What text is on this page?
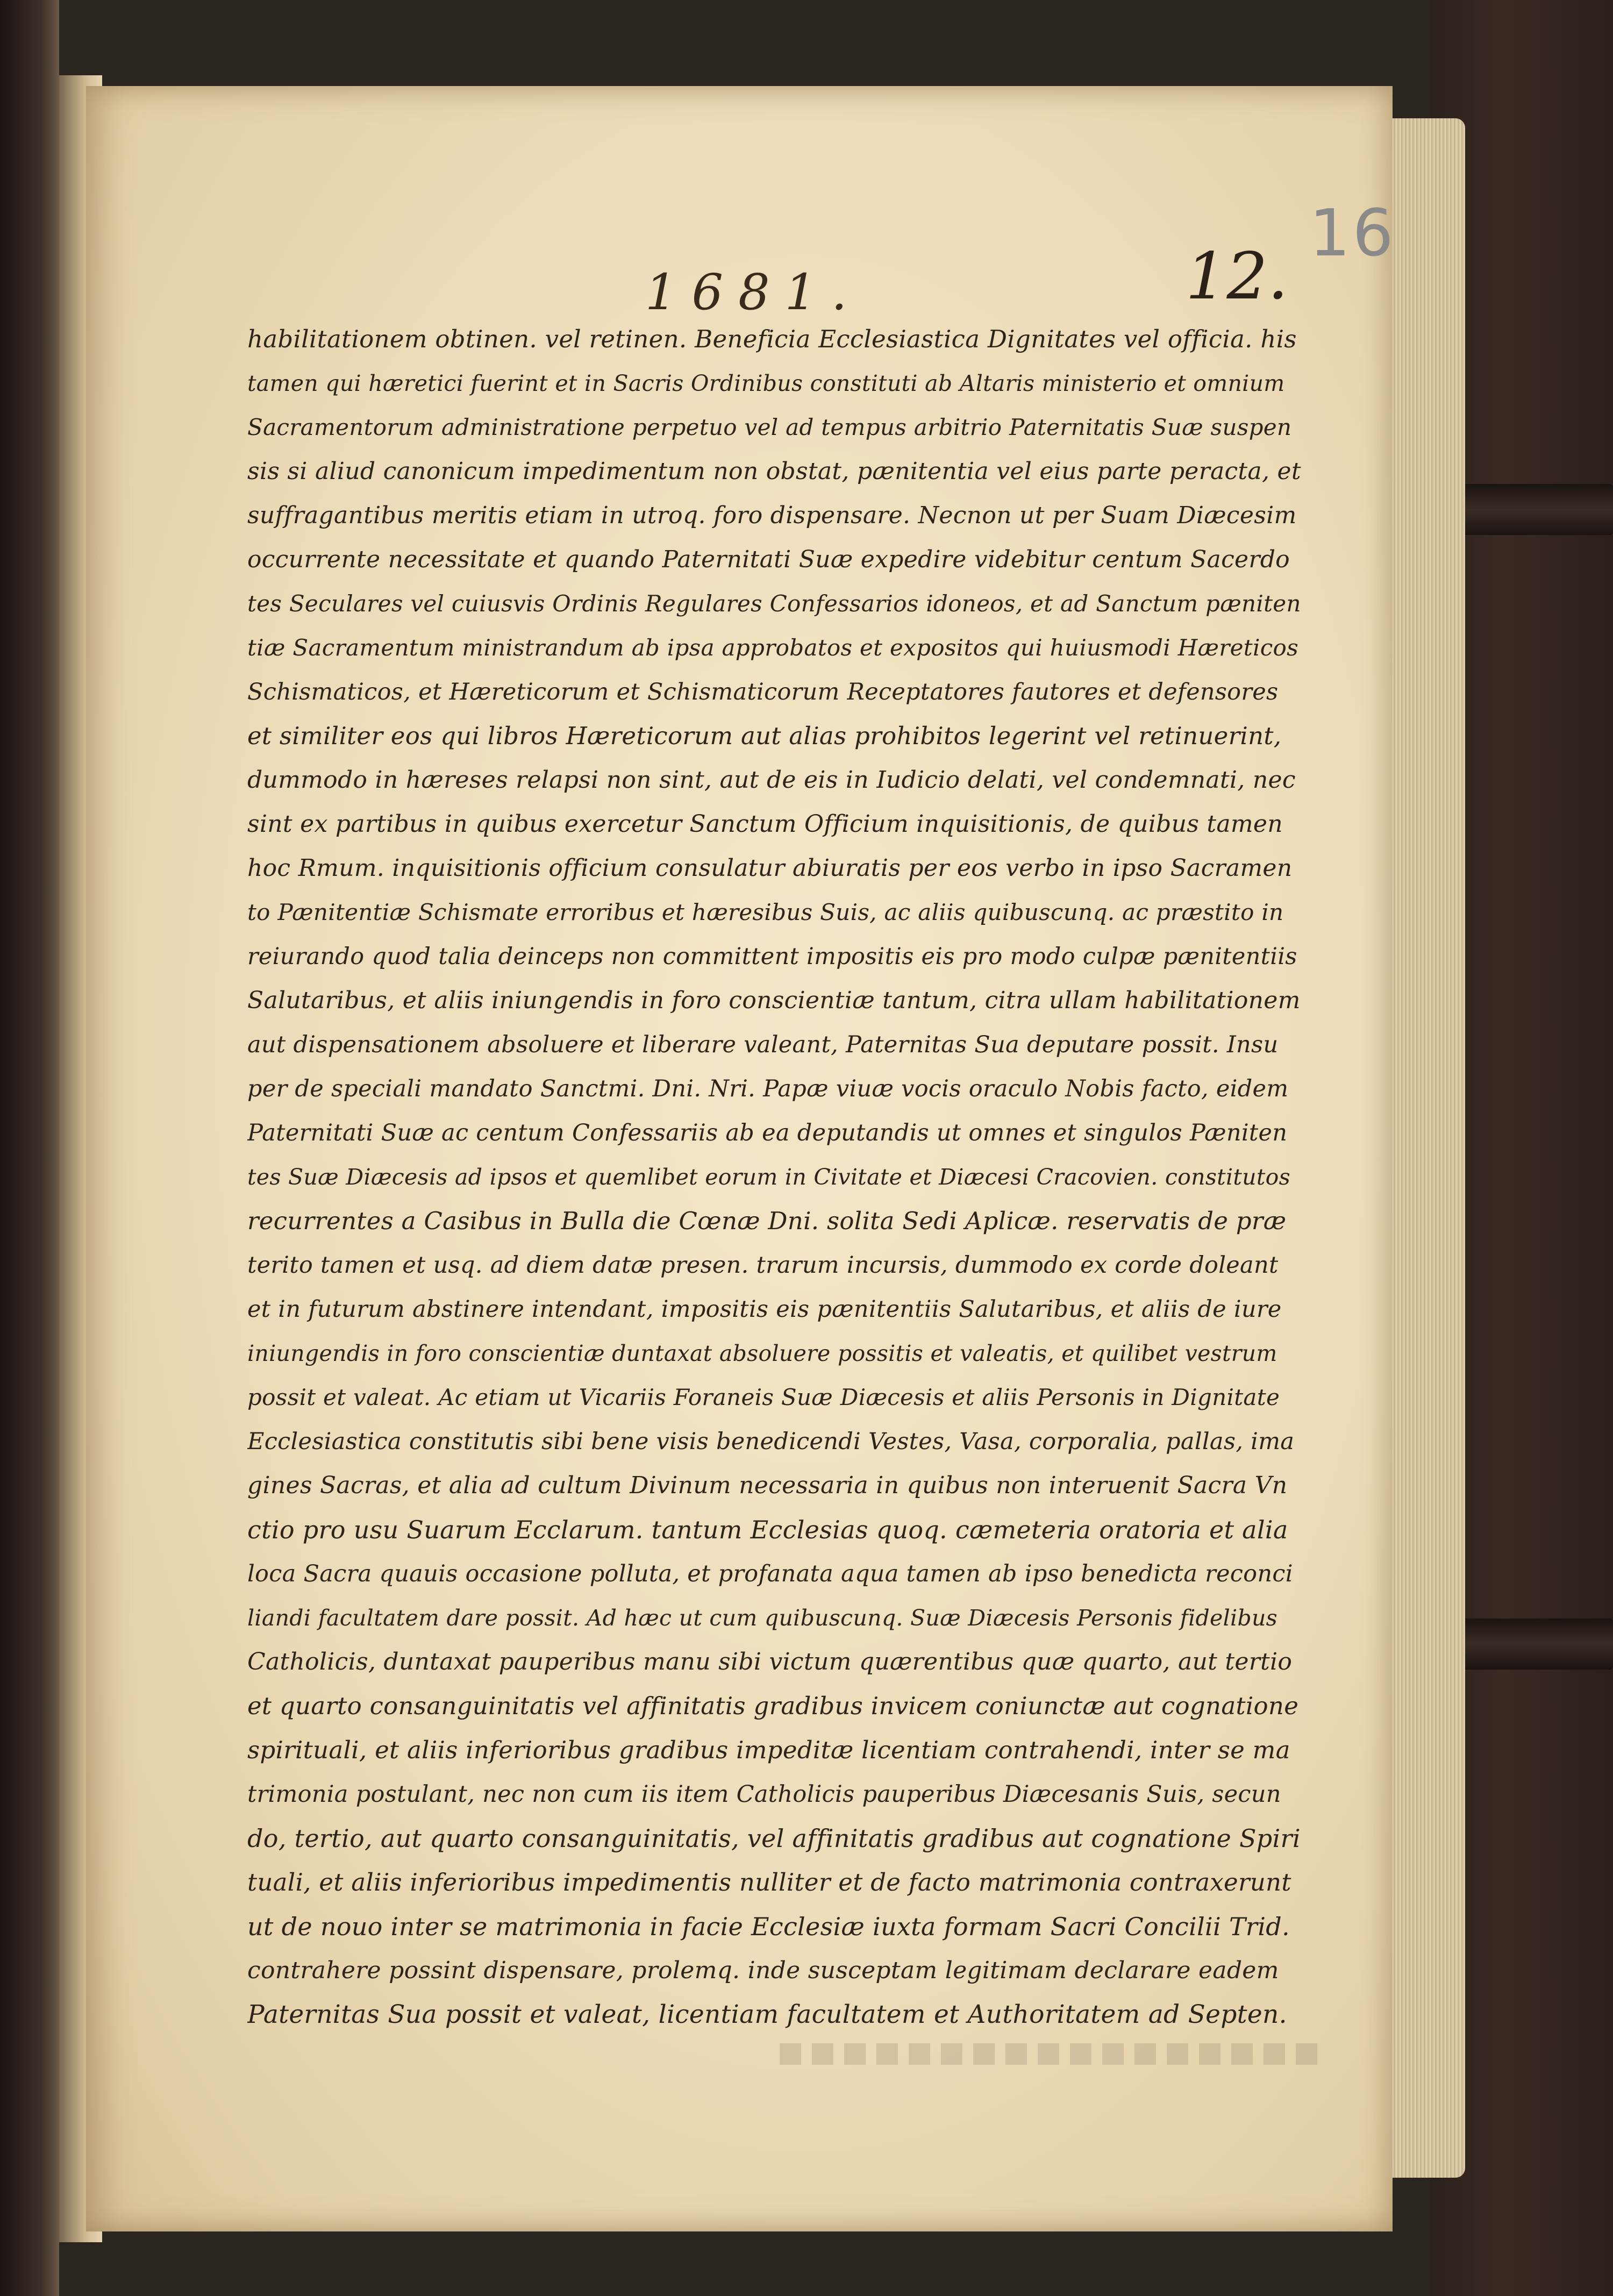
16
1681.	12.
habilitationem obtinen. vel retinen. Beneficia Ecclesiastica Dignitates vel officia. his
tamen qui hæretici fuerint et in Sacris Ordinibus constituti ab Altaris ministerio et omnium
Sacramentorum administratione perpetuo vel ad tempus arbitrio Paternitatis Suæ suspen
sis si aliud canonicum impedimentum non obstat, pænitentia vel eius parte peracta, et
suffragantibus meritis etiam in utroq. foro dispensare. Necnon ut per Suam Diæcesim
occurrente necessitate et quando Paternitati Suæ expedire videbitur centum Sacerdo
tes Seculares vel cuiusvis Ordinis Regulares Confessarios idoneos, et ad Sanctum pæniten
tiæ Sacramentum ministrandum ab ipsa approbatos et expositos qui huiusmodi Hæreticos
Schismaticos, et Hæreticorum et Schismaticorum Receptatores fautores et defensores
et similiter eos qui libros Hæreticorum aut alias prohibitos legerint vel retinuerint,
dummodo in hæreses relapsi non sint, aut de eis in Iudicio delati, vel condemnati, nec
sint ex partibus in quibus exercetur Sanctum Officium inquisitionis, de quibus tamen
hoc Rmum. inquisitionis officium consulatur abiuratis per eos verbo in ipso Sacramen
to Pænitentiæ Schismate erroribus et hæresibus Suis, ac aliis quibuscunq. ac præstito in
reiurando quod talia deinceps non committent impositis eis pro modo culpæ pænitentiis
Salutaribus, et aliis iniungendis in foro conscientiæ tantum, citra ullam habilitationem
aut dispensationem absoluere et liberare valeant, Paternitas Sua deputare possit. Insu
per de speciali mandato Sanctmi. Dni. Nri. Papæ viuæ vocis oraculo Nobis facto, eidem
Paternitati Suæ ac centum Confessariis ab ea deputandis ut omnes et singulos Pæniten
tes Suæ Diæcesis ad ipsos et quemlibet eorum in Civitate et Diæcesi Cracovien. constitutos
recurrentes a Casibus in Bulla die Cœnæ Dni. solita Sedi Aplicæ. reservatis de præ
terito tamen et usq. ad diem datæ presen. trarum incursis, dummodo ex corde doleant
et in futurum abstinere intendant, impositis eis pænitentiis Salutaribus, et aliis de iure
iniungendis in foro conscientiæ duntaxat absoluere possitis et valeatis, et quilibet vestrum
possit et valeat. Ac etiam ut Vicariis Foraneis Suæ Diæcesis et aliis Personis in Dignitate
Ecclesiastica constitutis sibi bene visis benedicendi Vestes, Vasa, corporalia, pallas, ima
gines Sacras, et alia ad cultum Divinum necessaria in quibus non interuenit Sacra Vn
ctio pro usu Suarum Ecclarum. tantum Ecclesias quoq. cæmeteria oratoria et alia
loca Sacra quauis occasione polluta, et profanata aqua tamen ab ipso benedicta reconci
liandi facultatem dare possit. Ad hæc ut cum quibuscunq. Suæ Diæcesis Personis fidelibus
Catholicis, duntaxat pauperibus manu sibi victum quærentibus quæ quarto, aut tertio
et quarto consanguinitatis vel affinitatis gradibus invicem coniunctæ aut cognatione
spirituali, et aliis inferioribus gradibus impeditæ licentiam contrahendi, inter se ma
trimonia postulant, nec non cum iis item Catholicis pauperibus Diæcesanis Suis, secun
do, tertio, aut quarto consanguinitatis, vel affinitatis gradibus aut cognatione Spiri
tuali, et aliis inferioribus impedimentis nulliter et de facto matrimonia contraxerunt
ut de nouo inter se matrimonia in facie Ecclesiæ iuxta formam Sacri Concilii Trid.
contrahere possint dispensare, prolemq. inde susceptam legitimam declarare eadem
Paternitas Sua possit et valeat, licentiam facultatem et Authoritatem ad Septen.
